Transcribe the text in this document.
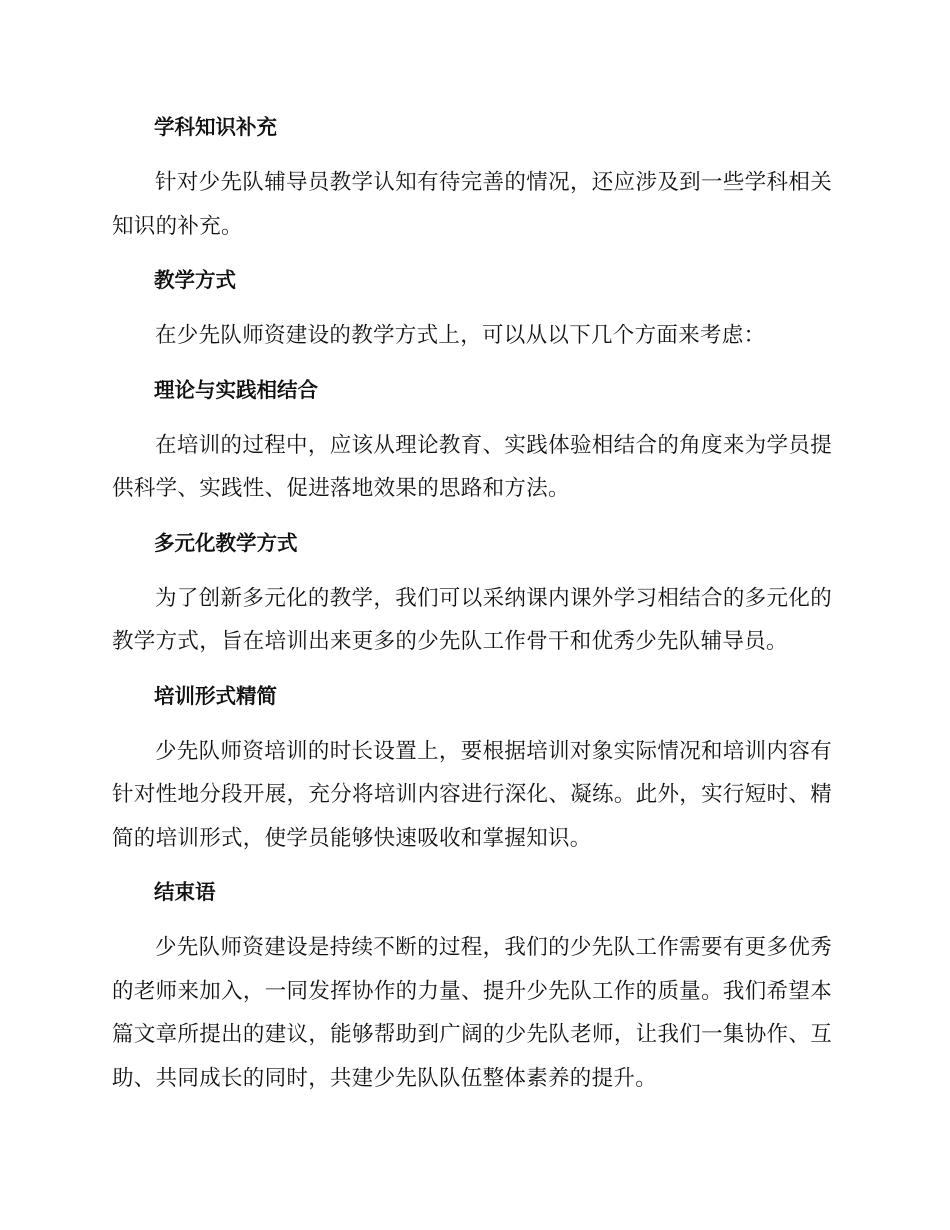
学科知识补充

针对少先队辅导员教学认知有待完善的情况，还应涉及到一些学科相关知识的补充。

教学方式

在少先队师资建设的教学方式上，可以从以下几个方面来考虑：

理论与实践相结合

在培训的过程中，应该从理论教育、实践体验相结合的角度来为学员提供科学、实践性、促进落地效果的思路和方法。

多元化教学方式

为了创新多元化的教学，我们可以采纳课内课外学习相结合的多元化的教学方式，旨在培训出来更多的少先队工作骨干和优秀少先队辅导员。

培训形式精简

少先队师资培训的时长设置上，要根据培训对象实际情况和培训内容有针对性地分段开展，充分将培训内容进行深化、凝练。此外，实行短时、精简的培训形式，使学员能够快速吸收和掌握知识。

结束语

少先队师资建设是持续不断的过程，我们的少先队工作需要有更多优秀的老师来加入，一同发挥协作的力量、提升少先队工作的质量。我们希望本篇文章所提出的建议，能够帮助到广阔的少先队老师，让我们一集协作、互助、共同成长的同时，共建少先队队伍整体素养的提升。
